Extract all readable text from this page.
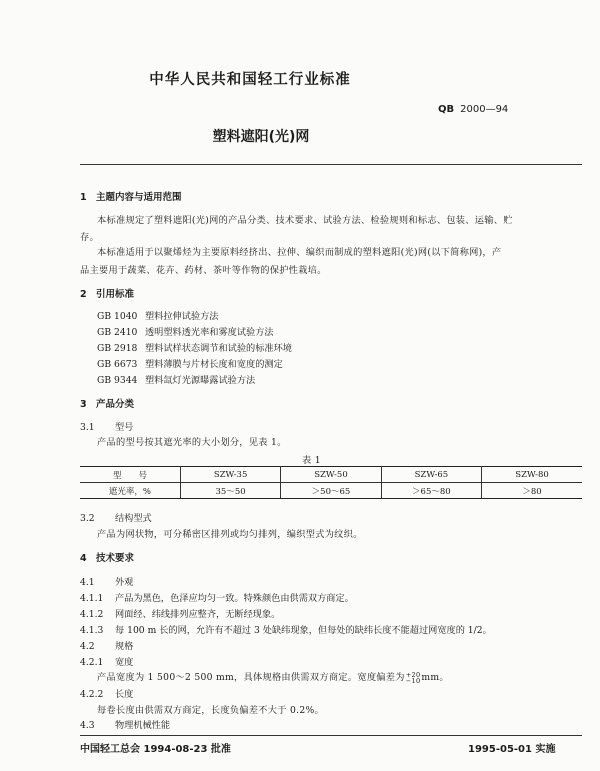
中华人民共和国轻工行业标准
QB 2000—94
塑料遮阳(光)网
1 主题内容与适用范围
本标准规定了塑料遮阳(光)网的产品分类、技术要求、试验方法、检验规则和标志、包装、运输、贮
存。
本标准适用于以聚烯烃为主要原料经挤出、拉伸、编织而制成的塑料遮阳(光)网(以下简称网)，产
品主要用于蔬菜、花卉、药材、茶叶等作物的保护性栽培。
2 引用标准
GB 1040 塑料拉伸试验方法
GB 2410 透明塑料透光率和雾度试验方法
GB 2918 塑料试样状态调节和试验的标准环境
GB 6673 塑料薄膜与片材长度和宽度的测定
GB 9344 塑料氙灯光源曝露试验方法
3 产品分类
3.1 型号
产品的型号按其遮光率的大小划分，见表 1。
表 1
型　　号	SZW-35	SZW-50	SZW-65	SZW-80
遮光率，%	35～50	＞50～65	＞65～80	＞80
3.2 结构型式
产品为网状物，可分稀密区排列或均匀排列，编织型式为纹织。
4 技术要求
4.1 外观
4.1.1 产品为黑色，色泽应均匀一致。特殊颜色由供需双方商定。
4.1.2 网面经、纬线排列应整齐，无断经现象。
4.1.3 每 100 m 长的网，允许有不超过 3 处缺纬现象，但每处的缺纬长度不能超过网宽度的 1/2。
4.2 规格
4.2.1 宽度
产品宽度为 1 500～2 500 mm，具体规格由供需双方商定。宽度偏差为 +20
−10 mm。
4.2.2 长度
每卷长度由供需双方商定，长度负偏差不大于 0.2%。
4.3 物理机械性能
中国轻工总会 1994-08-23 批准	1995-05-01 实施
